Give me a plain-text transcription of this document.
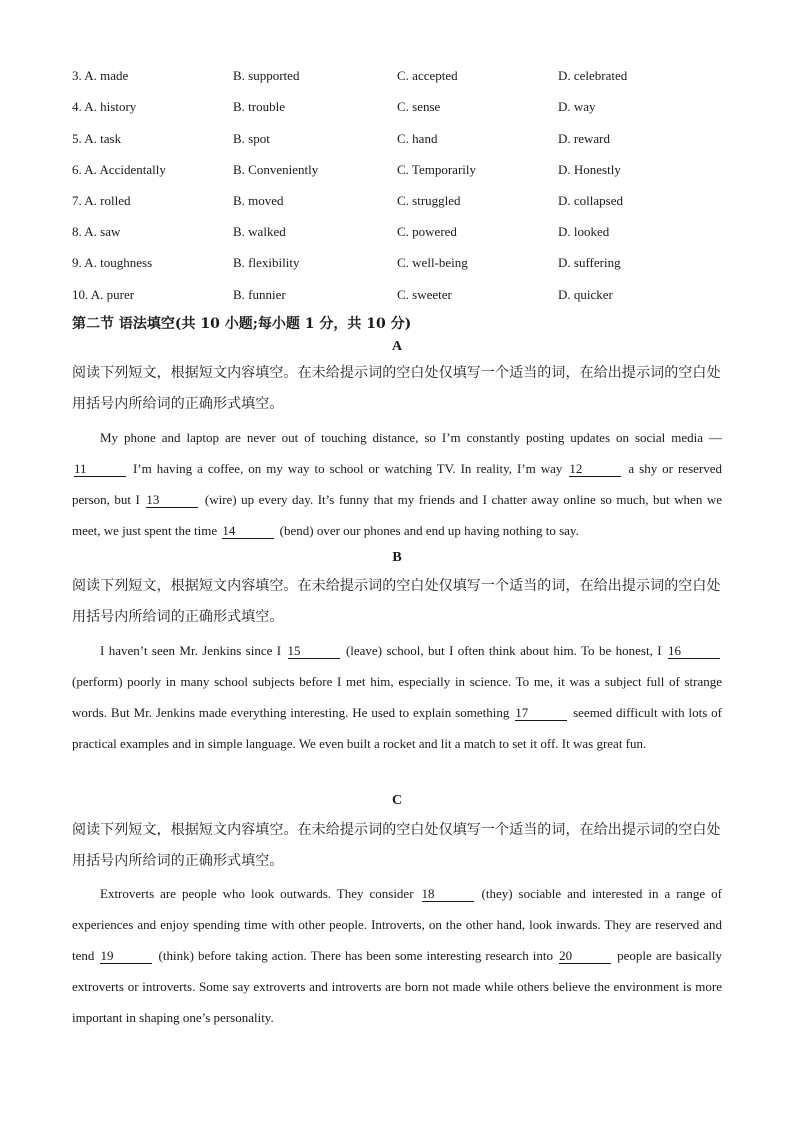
3. A. made	B. supported	C. accepted	D. celebrated
4. A. history	B. trouble	C. sense	D. way
5. A. task	B. spot	C. hand	D. reward
6. A. Accidentally	B. Conveniently	C. Temporarily	D. Honestly
7. A. rolled	B. moved	C. struggled	D. collapsed
8. A. saw	B. walked	C. powered	D. looked
9. A. toughness	B. flexibility	C. well-being	D. suffering
10. A. purer	B. funnier	C. sweeter	D. quicker
第二节 语法填空(共 10 小题;每小题 1 分，共 10 分)
A
阅读下列短文，根据短文内容填空。在未给提示词的空白处仅填写一个适当的词，在给出提示词的空白处
用括号内所给词的正确形式填空。
My phone and laptop are never out of touching distance, so I’m constantly posting updates on social media — 11	I’m having a coffee, on my way to school or watching TV. In reality, I’m way 12	a shy or reserved person, but I 13	(wire) up every day. It’s funny that my friends and I chatter away online so much, but when we meet, we just spent the time 14	(bend) over our phones and end up having nothing to say.
B
阅读下列短文，根据短文内容填空。在未给提示词的空白处仅填写一个适当的词，在给出提示词的空白处
用括号内所给词的正确形式填空。
I haven’t seen Mr. Jenkins since I 15	(leave) school, but I often think about him. To be honest, I 16 (perform) poorly in many school subjects before I met him, especially in science. To me, it was a subject full of strange words. But Mr. Jenkins made everything interesting. He used to explain something 17	seemed difficult with lots of practical examples and in simple language. We even built a rocket and lit a match to set it off. It was great fun.
C
阅读下列短文，根据短文内容填空。在未给提示词的空白处仅填写一个适当的词，在给出提示词的空白处
用括号内所给词的正确形式填空。
Extroverts are people who look outwards. They consider 18	(they) sociable and interested in a range of experiences and enjoy spending time with other people. Introverts, on the other hand, look inwards. They are reserved and tend 19	(think) before taking action. There has been some interesting research into 20	people are basically extroverts or introverts. Some say extroverts and introverts are born not made while others believe the environment is more important in shaping one’s personality.
